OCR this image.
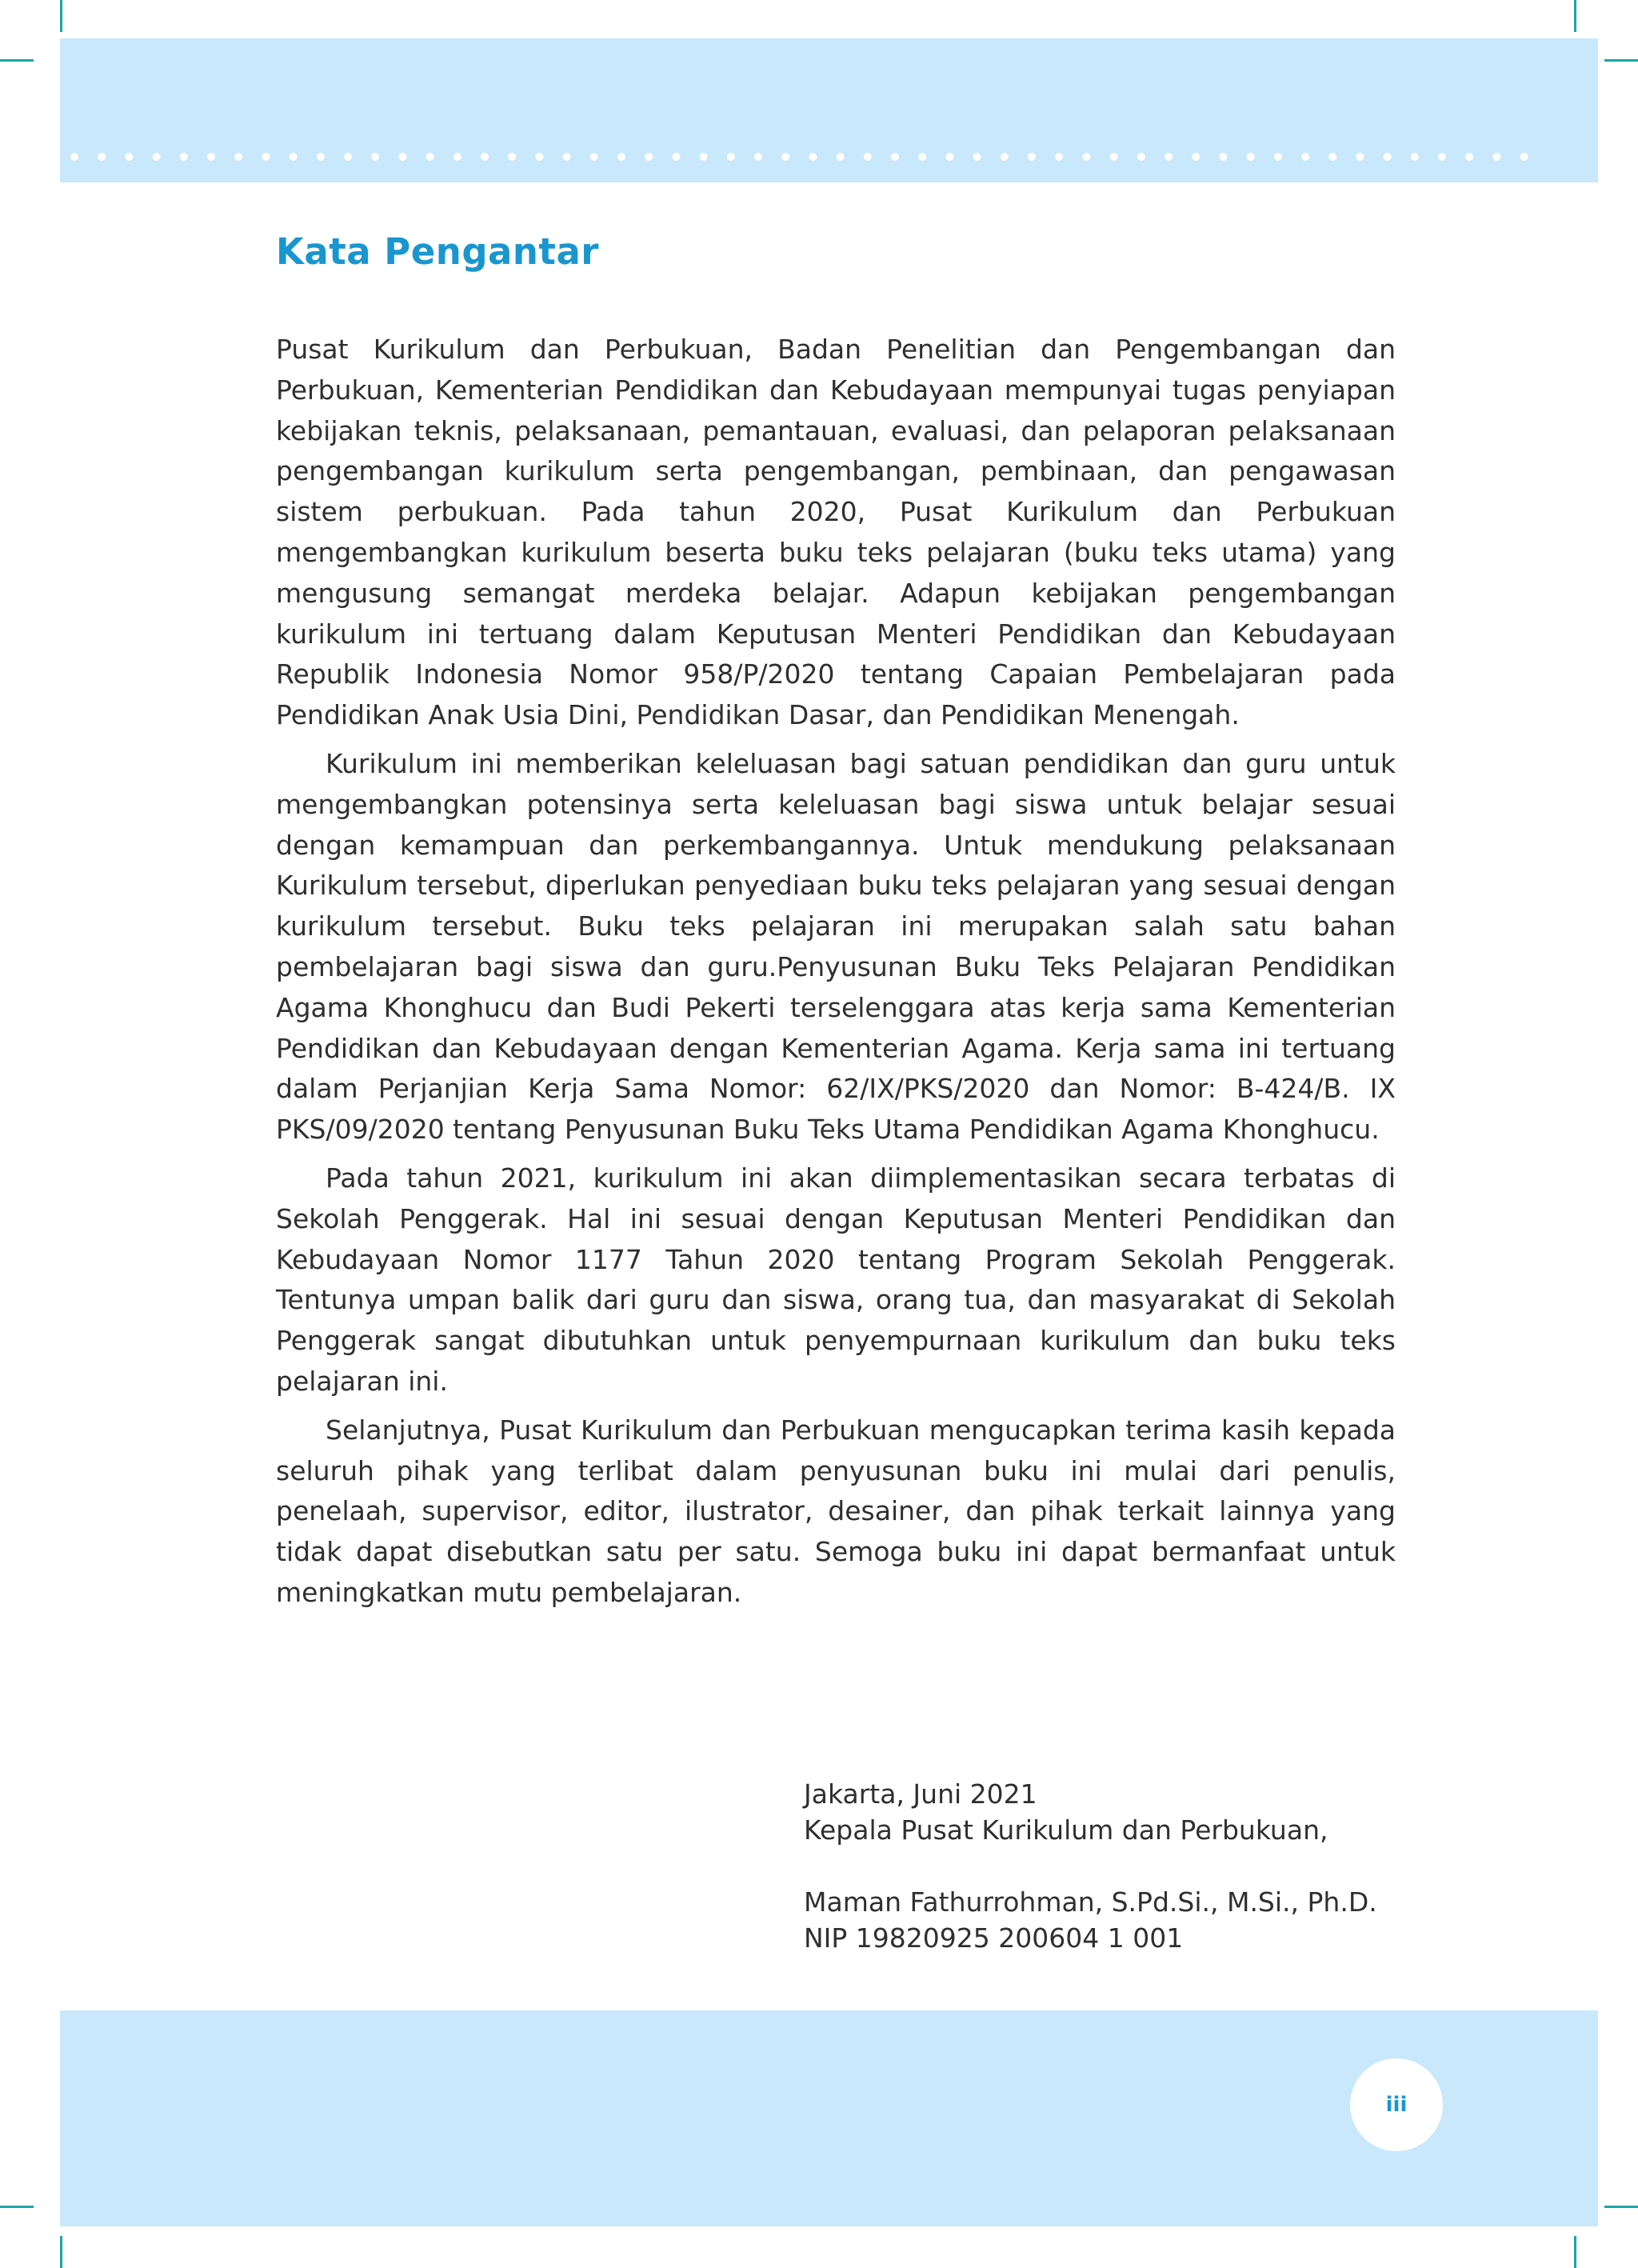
Kata Pengantar

Pusat Kurikulum dan Perbukuan, Badan Penelitian dan Pengembangan dan Perbukuan, Kementerian Pendidikan dan Kebudayaan mempunyai tugas penyiapan kebijakan teknis, pelaksanaan, pemantauan, evaluasi, dan pelaporan pelaksanaan pengembangan kurikulum serta pengembangan, pembinaan, dan pengawasan sistem perbukuan. Pada tahun 2020, Pusat Kurikulum dan Perbukuan mengembangkan kurikulum beserta buku teks pelajaran (buku teks utama) yang mengusung semangat merdeka belajar. Adapun kebijakan pengembangan kurikulum ini tertuang dalam Keputusan Menteri Pendidikan dan Kebudayaan Republik Indonesia Nomor 958/P/2020 tentang Capaian Pembelajaran pada Pendidikan Anak Usia Dini, Pendidikan Dasar, dan Pendidikan Menengah.

Kurikulum ini memberikan keleluasan bagi satuan pendidikan dan guru untuk mengembangkan potensinya serta keleluasan bagi siswa untuk belajar sesuai dengan kemampuan dan perkembangannya. Untuk mendukung pelaksanaan Kurikulum tersebut, diperlukan penyediaan buku teks pelajaran yang sesuai dengan kurikulum tersebut. Buku teks pelajaran ini merupakan salah satu bahan pembelajaran bagi siswa dan guru.Penyusunan Buku Teks Pelajaran Pendidikan Agama Khonghucu dan Budi Pekerti terselenggara atas kerja sama Kementerian Pendidikan dan Kebudayaan dengan Kementerian Agama. Kerja sama ini tertuang dalam Perjanjian Kerja Sama Nomor: 62/IX/PKS/2020 dan Nomor: B-424/B. IX PKS/09/2020 tentang Penyusunan Buku Teks Utama Pendidikan Agama Khonghucu.

Pada tahun 2021, kurikulum ini akan diimplementasikan secara terbatas di Sekolah Penggerak. Hal ini sesuai dengan Keputusan Menteri Pendidikan dan Kebudayaan Nomor 1177 Tahun 2020 tentang Program Sekolah Penggerak. Tentunya umpan balik dari guru dan siswa, orang tua, dan masyarakat di Sekolah Penggerak sangat dibutuhkan untuk penyempurnaan kurikulum dan buku teks pelajaran ini.

Selanjutnya, Pusat Kurikulum dan Perbukuan mengucapkan terima kasih kepada seluruh pihak yang terlibat dalam penyusunan buku ini mulai dari penulis, penelaah, supervisor, editor, ilustrator, desainer, dan pihak terkait lainnya yang tidak dapat disebutkan satu per satu. Semoga buku ini dapat bermanfaat untuk meningkatkan mutu pembelajaran.

Jakarta, Juni 2021
Kepala Pusat Kurikulum dan Perbukuan,
Maman Fathurrohman, S.Pd.Si., M.Si., Ph.D.
NIP 19820925 200604 1 001
iii
